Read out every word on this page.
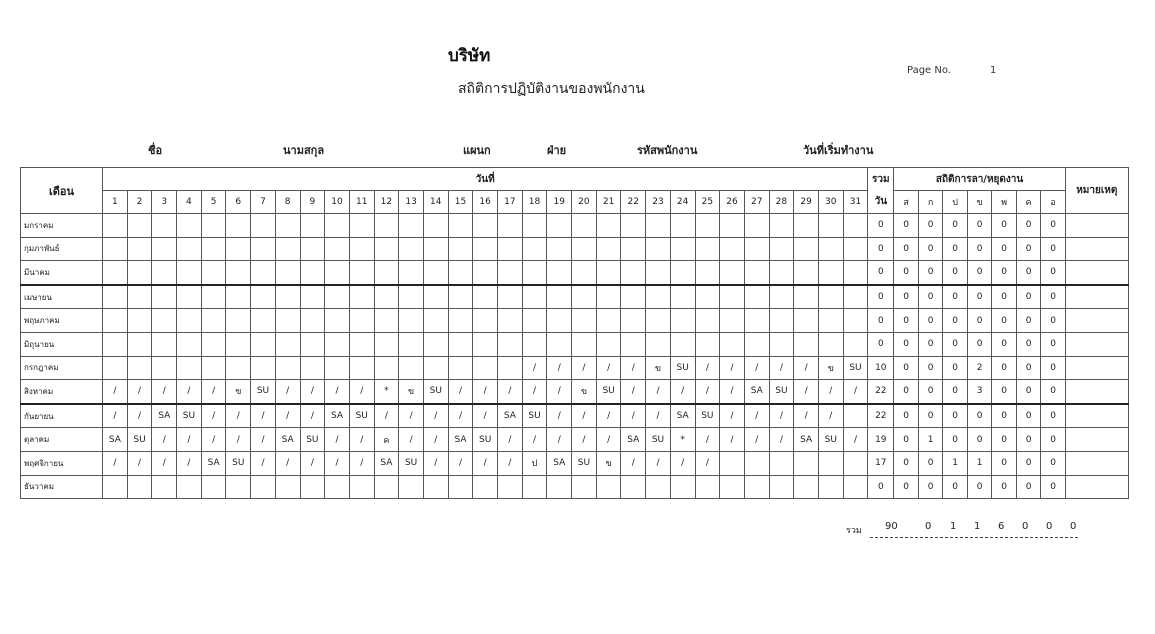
บริษัท
สถิติการปฏิบัติงานของพนักงาน
Page No.	1
ชื่อ	นามสกุล	แผนก	ฝ่าย	รหัสพนักงาน	วันที่เริ่มทำงาน
เดือน	วันที่																															รวม	สถิติการลา/หยุดงาน							หมายเหตุ
	1	2	3	4	5	6	7	8	9	10	11	12	13	14	15	16	17	18	19	20	21	22	23	24	25	26	27	28	29	30	31	วัน	ส	ก	ป	ข	พ	ค	อ	
มกราคม																																0	0	0	0	0	0	0	0	
กุมภาพันธ์																																0	0	0	0	0	0	0	0	
มีนาคม																																0	0	0	0	0	0	0	0	
เมษายน																																0	0	0	0	0	0	0	0	
พฤษภาคม																																0	0	0	0	0	0	0	0	
มิถุนายน																																0	0	0	0	0	0	0	0	
กรกฎาคม																		/	/	/	/	/	ข	SU	/	/	/	/	/	ข	SU	10	0	0	0	2	0	0	0	
สิงหาคม	/	/	/	/	/	ข	SU	/	/	/	/	*	ข	SU	/	/	/	/	/	ข	SU	/	/	/	/	/	SA	SU	/	/	/	22	0	0	0	3	0	0	0	
กันยายน	/	/	SA	SU	/	/	/	/	/	SA	SU	/	/	/	/	/	SA	SU	/	/	/	/	/	SA	SU	/	/	/	/	/		22	0	0	0	0	0	0	0	
ตุลาคม	SA	SU	/	/	/	/	/	SA	SU	/	/	ค	/	/	SA	SU	/	/	/	/	/	SA	SU	*	/	/	/	/	SA	SU	/	19	0	1	0	0	0	0	0	
พฤศจิกายน	/	/	/	/	SA	SU	/	/	/	/	/	SA	SU	/	/	/	/	ป	SA	SU	ข	/	/	/	/							17	0	0	1	1	0	0	0	
ธันวาคม																																0	0	0	0	0	0	0	0	
รวม 90	0 1 1 6 0 0 0
